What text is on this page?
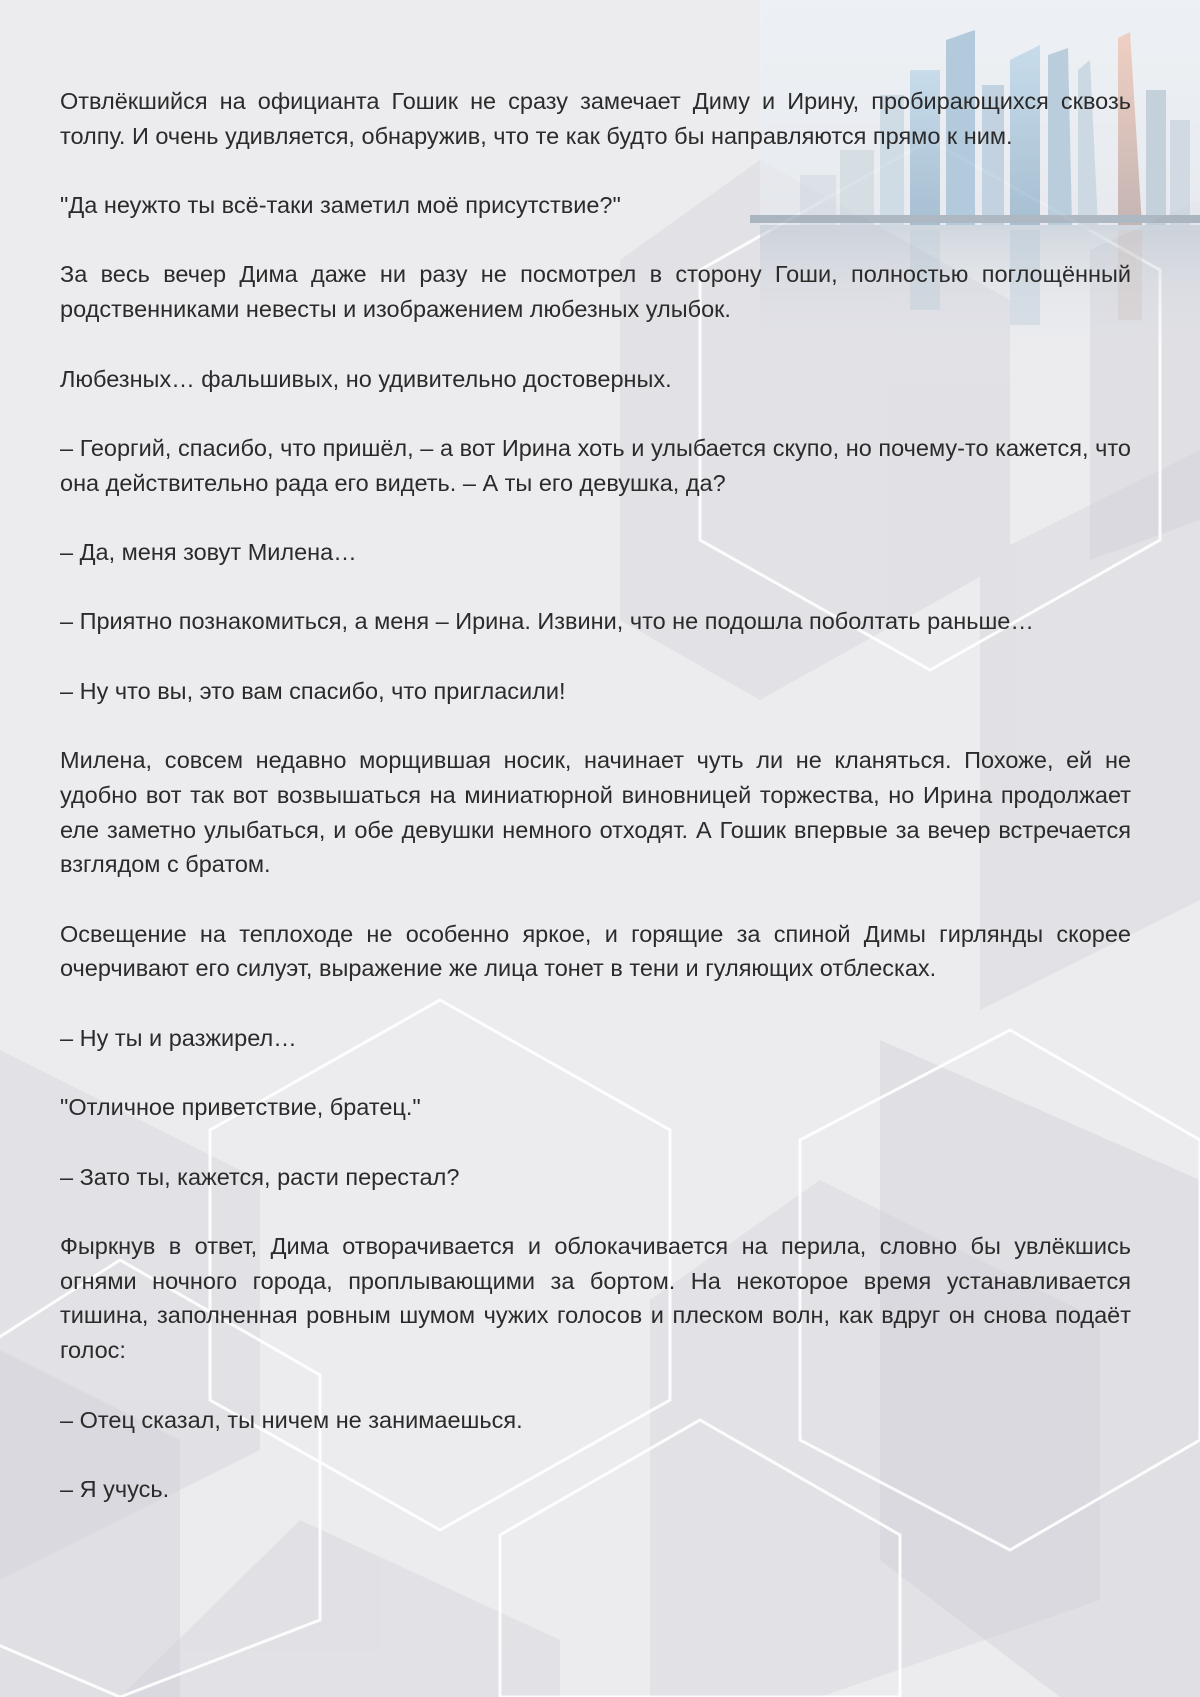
Отвлёкшийся на официанта Гошик не сразу замечает Диму и Ирину, пробирающихся сквозь толпу. И очень удивляется, обнаружив, что те как будто бы направляются прямо к ним.

"Да неужто ты всё-таки заметил моё присутствие?"

За весь вечер Дима даже ни разу не посмотрел в сторону Гоши, полностью поглощённый родственниками невесты и изображением любезных улыбок.

Любезных… фальшивых, но удивительно достоверных.

– Георгий, спасибо, что пришёл, – а вот Ирина хоть и улыбается скупо, но почему-то кажется, что она действительно рада его видеть. – А ты его девушка, да?

– Да, меня зовут Милена…

– Приятно познакомиться, а меня – Ирина. Извини, что не подошла поболтать раньше…

– Ну что вы, это вам спасибо, что пригласили!

Милена, совсем недавно морщившая носик, начинает чуть ли не кланяться. Похоже, ей не удобно вот так вот возвышаться на миниатюрной виновницей торжества, но Ирина продолжает еле заметно улыбаться, и обе девушки немного отходят. А Гошик впервые за вечер встречается взглядом с братом.

Освещение на теплоходе не особенно яркое, и горящие за спиной Димы гирлянды скорее очерчивают его силуэт, выражение же лица тонет в тени и гуляющих отблесках.

– Ну ты и разжирел…

"Отличное приветствие, братец."

– Зато ты, кажется, расти перестал?

Фыркнув в ответ, Дима отворачивается и облокачивается на перила, словно бы увлёкшись огнями ночного города, проплывающими за бортом. На некоторое время устанавливается тишина, заполненная ровным шумом чужих голосов и плеском волн, как вдруг он снова подаёт голос:

– Отец сказал, ты ничем не занимаешься.

– Я учусь.
